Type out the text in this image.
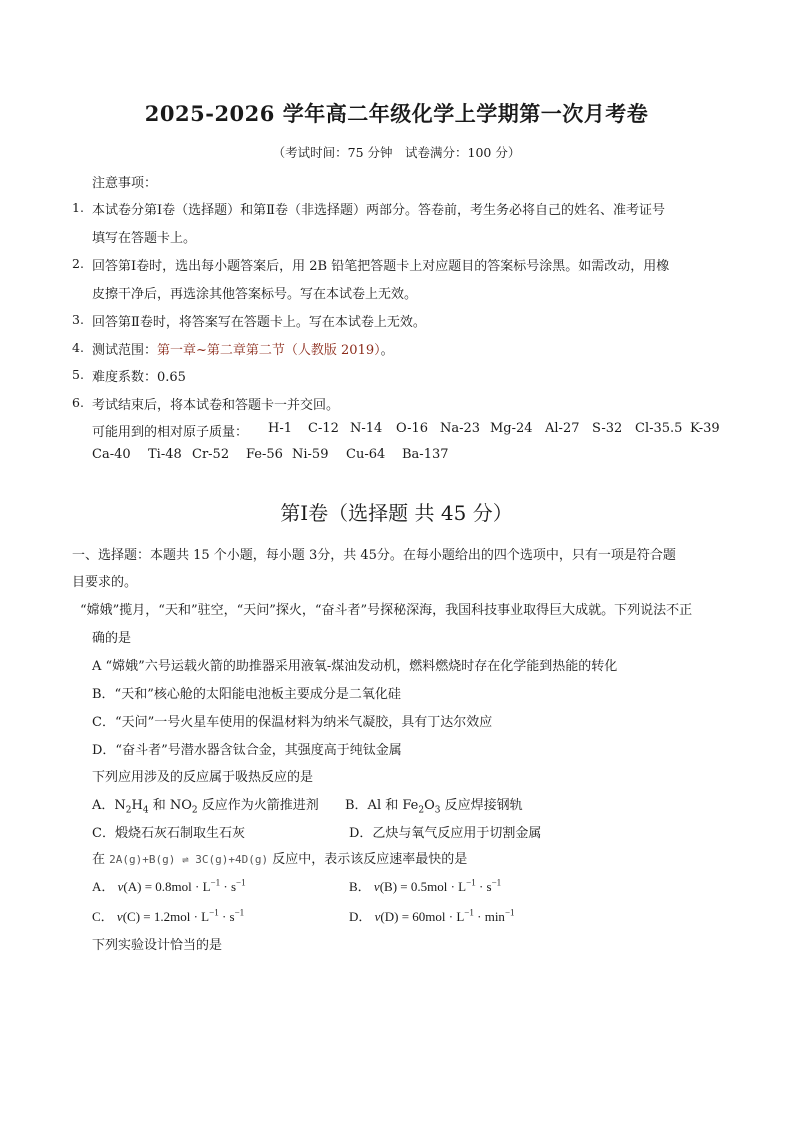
2025-2026 学年高二年级化学上学期第一次月考卷
（考试时间：75 分钟　试卷满分：100 分）
注意事项：
1. 本试卷分第Ⅰ卷（选择题）和第Ⅱ卷（非选择题）两部分。答卷前，考生务必将自己的姓名、准考证号
填写在答题卡上。
2. 回答第Ⅰ卷时，选出每小题答案后，用 2B 铅笔把答题卡上对应题目的答案标号涂黑。如需改动，用橡
皮擦干净后，再选涂其他答案标号。写在本试卷上无效。
3. 回答第Ⅱ卷时，将答案写在答题卡上。写在本试卷上无效。
4. 测试范围：第一章~第二章第二节（人教版 2019）。
5. 难度系数：0.65
6. 考试结束后，将本试卷和答题卡一并交回。
可能用到的相对原子质量： H-1 C-12 N-14 O-16 Na-23 Mg-24 Al-27 S-32 Cl-35.5 K-39
Ca-40 Ti-48 Cr-52 Fe-56 Ni-59 Cu-64 Ba-137
第Ⅰ卷（选择题 共 45 分）
一、选择题：本题共 15 个小题，每小题 3分，共 45分。在每小题给出的四个选项中，只有一项是符合题
目要求的。
“嫦娥”揽月，“天和”驻空，“天问”探火，“奋斗者”号探秘深海，我国科技事业取得巨大成就。下列说法不正
确的是
A “嫦娥”六号运载火箭的助推器采用液氧-煤油发动机，燃料燃烧时存在化学能到热能的转化
B．“天和”核心舱的太阳能电池板主要成分是二氧化硅
C．“天问”一号火星车使用的保温材料为纳米气凝胶，具有丁达尔效应
D．“奋斗者”号潜水器含钛合金，其强度高于纯钛金属
下列应用涉及的反应属于吸热反应的是
A．$N_2H_4$ 和 $NO_2$ 反应作为火箭推进剂 B．Al 和 $Fe_2O_3$ 反应焊接钢轨
C．煅烧石灰石制取生石灰	D．乙炔与氧气反应用于切割金属
在 2A(g)+B(g) ⇌ 3C(g)+4D(g) 反应中，表示该反应速率最快的是
A． $v(A) = 0.8mol \cdot L^{-1} \cdot s^{-1}$	B． $v(B) = 0.5mol \cdot L^{-1} \cdot s^{-1}$
C． $v(C) = 1.2mol \cdot L^{-1} \cdot s^{-1}$	D． $v(D) = 60mol \cdot L^{-1} \cdot \min^{-1}$
下列实验设计恰当的是
